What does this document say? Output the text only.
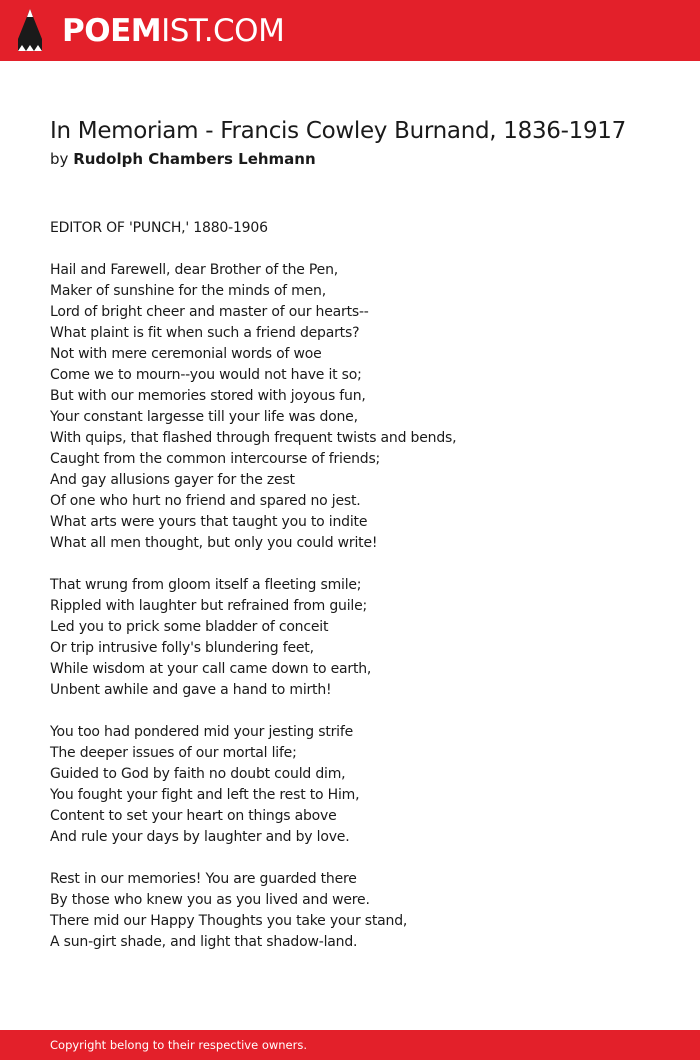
POEMIST.COM
In Memoriam - Francis Cowley Burnand, 1836-1917
by Rudolph Chambers Lehmann
EDITOR OF 'PUNCH,' 1880-1906
Hail and Farewell, dear Brother of the Pen,
Maker of sunshine for the minds of men,
Lord of bright cheer and master of our hearts--
What plaint is fit when such a friend departs?
Not with mere ceremonial words of woe
Come we to mourn--you would not have it so;
But with our memories stored with joyous fun,
Your constant largesse till your life was done,
With quips, that flashed through frequent twists and bends,
Caught from the common intercourse of friends;
And gay allusions gayer for the zest
Of one who hurt no friend and spared no jest.
What arts were yours that taught you to indite
What all men thought, but only you could write!
That wrung from gloom itself a fleeting smile;
Rippled with laughter but refrained from guile;
Led you to prick some bladder of conceit
Or trip intrusive folly's blundering feet,
While wisdom at your call came down to earth,
Unbent awhile and gave a hand to mirth!
You too had pondered mid your jesting strife
The deeper issues of our mortal life;
Guided to God by faith no doubt could dim,
You fought your fight and left the rest to Him,
Content to set your heart on things above
And rule your days by laughter and by love.
Rest in our memories! You are guarded there
By those who knew you as you lived and were.
There mid our Happy Thoughts you take your stand,
A sun-girt shade, and light that shadow-land.
Copyright belong to their respective owners.
